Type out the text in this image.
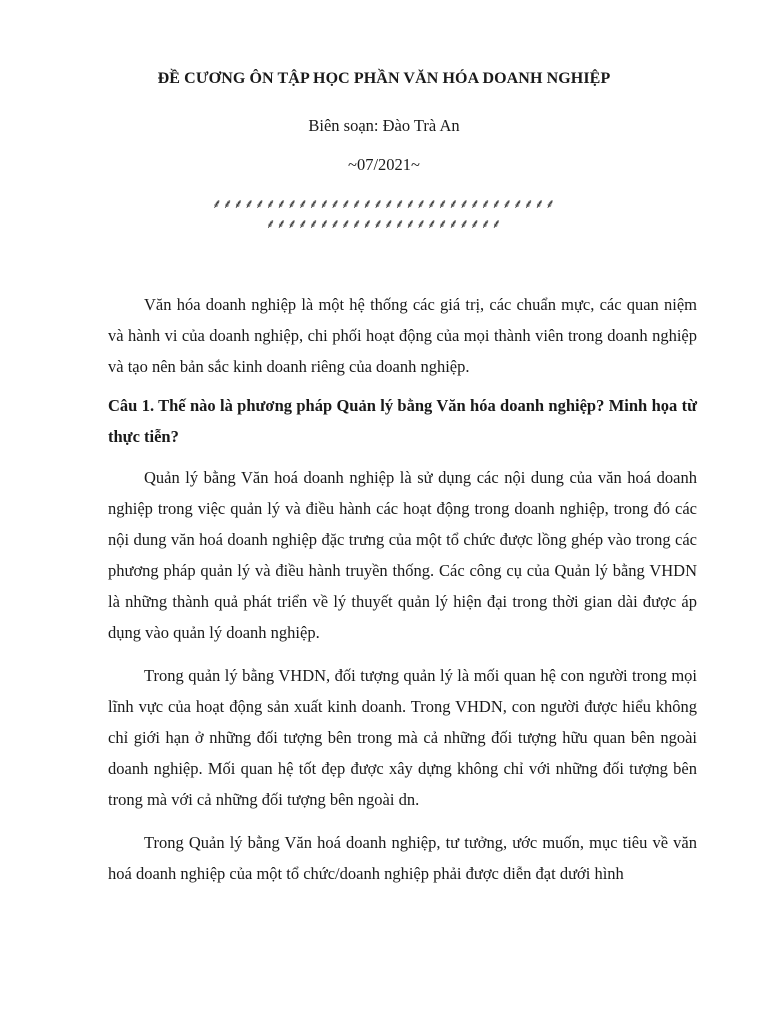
ĐỀ CƯƠNG ÔN TẬP HỌC PHẦN VĂN HÓA DOANH NGHIỆP
Biên soạn: Đào Trà An
~07/2021~
⸙⸙⸙⸙⸙⸙⸙⸙⸙⸙⸙⸙⸙⸙⸙⸙⸙⸙⸙⸙⸙⸙⸙⸙⸙⸙⸙⸙⸙⸙⸙⸙
⸙⸙⸙⸙⸙⸙⸙⸙⸙⸙⸙⸙⸙⸙⸙⸙⸙⸙⸙⸙⸙⸙

Văn hóa doanh nghiệp là một hệ thống các giá trị, các chuẩn mực, các quan niệm và hành vi của doanh nghiệp, chi phối hoạt động của mọi thành viên trong doanh nghiệp và tạo nên bản sắc kinh doanh riêng của doanh nghiệp.

Câu 1. Thế nào là phương pháp Quản lý bằng Văn hóa doanh nghiệp? Minh họa từ thực tiễn?

Quản lý bằng Văn hoá doanh nghiệp là sử dụng các nội dung của văn hoá doanh nghiệp trong việc quản lý và điều hành các hoạt động trong doanh nghiệp, trong đó các nội dung văn hoá doanh nghiệp đặc trưng của một tổ chức được lồng ghép vào trong các phương pháp quản lý và điều hành truyền thống. Các công cụ của Quản lý bằng VHDN là những thành quả phát triển về lý thuyết quản lý hiện đại trong thời gian dài được áp dụng vào quản lý doanh nghiệp.

Trong quản lý bằng VHDN, đối tượng quản lý là mối quan hệ con người trong mọi lĩnh vực của hoạt động sản xuất kinh doanh. Trong VHDN, con người được hiểu không chỉ giới hạn ở những đối tượng bên trong mà cả những đối tượng hữu quan bên ngoài doanh nghiệp. Mối quan hệ tốt đẹp được xây dựng không chỉ với những đối tượng bên trong mà với cả những đối tượng bên ngoài dn.

Trong Quản lý bằng Văn hoá doanh nghiệp, tư tưởng, ước muốn, mục tiêu về văn hoá doanh nghiệp của một tổ chức/doanh nghiệp phải được diễn đạt dưới hình
